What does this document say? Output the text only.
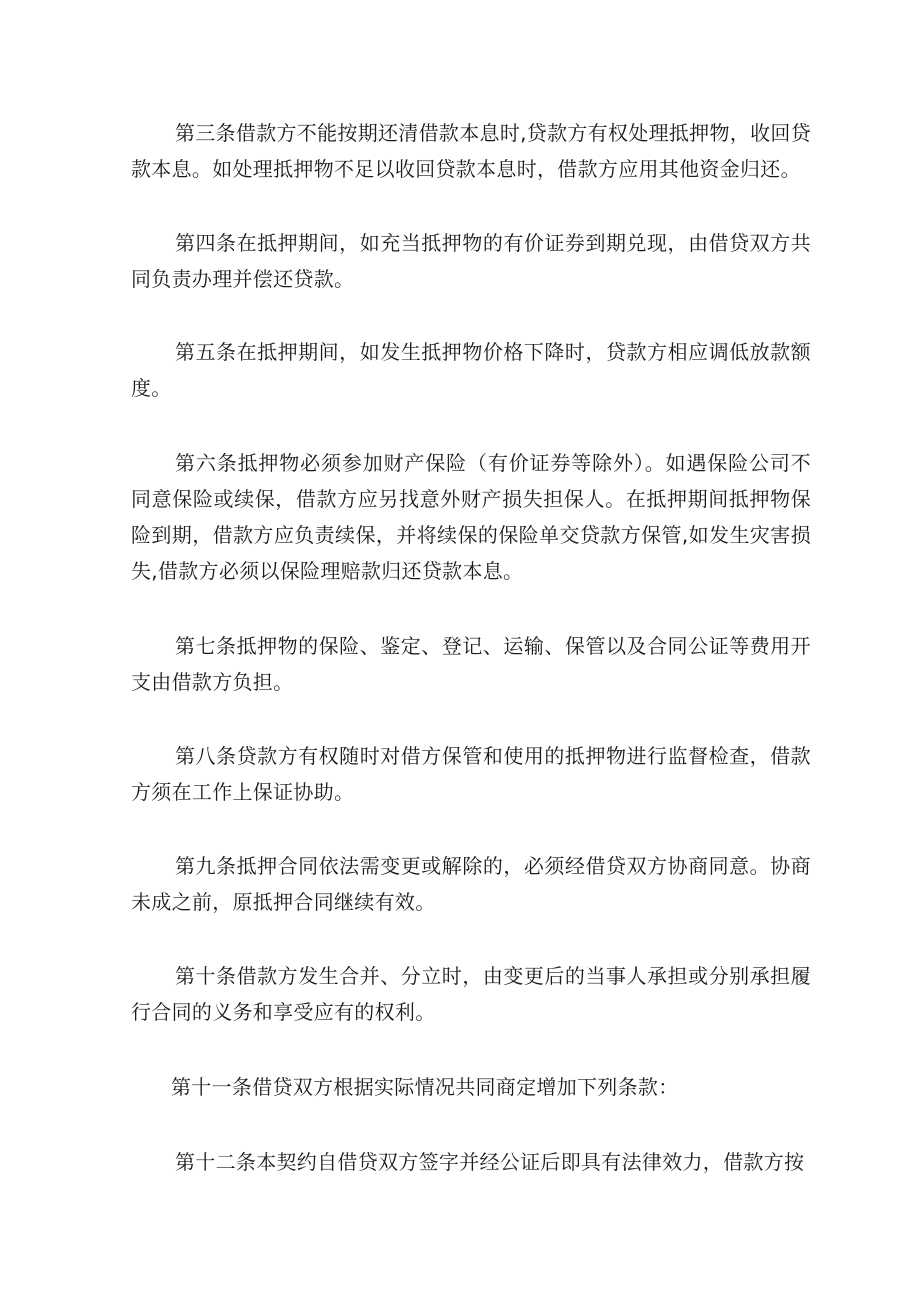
第三条借款方不能按期还清借款本息时,贷款方有权处理抵押物，收回贷款本息。如处理抵押物不足以收回贷款本息时，借款方应用其他资金归还。

第四条在抵押期间，如充当抵押物的有价证券到期兑现，由借贷双方共同负责办理并偿还贷款。

第五条在抵押期间，如发生抵押物价格下降时，贷款方相应调低放款额度。

第六条抵押物必须参加财产保险（有价证券等除外）。如遇保险公司不同意保险或续保，借款方应另找意外财产损失担保人。在抵押期间抵押物保险到期，借款方应负责续保，并将续保的保险单交贷款方保管,如发生灾害损失,借款方必须以保险理赔款归还贷款本息。

第七条抵押物的保险、鉴定、登记、运输、保管以及合同公证等费用开支由借款方负担。

第八条贷款方有权随时对借方保管和使用的抵押物进行监督检查，借款方须在工作上保证协助。

第九条抵押合同依法需变更或解除的，必须经借贷双方协商同意。协商未成之前，原抵押合同继续有效。

第十条借款方发生合并、分立时，由变更后的当事人承担或分别承担履行合同的义务和享受应有的权利。

第十一条借贷双方根据实际情况共同商定增加下列条款：

第十二条本契约自借贷双方签字并经公证后即具有法律效力，借款方按
